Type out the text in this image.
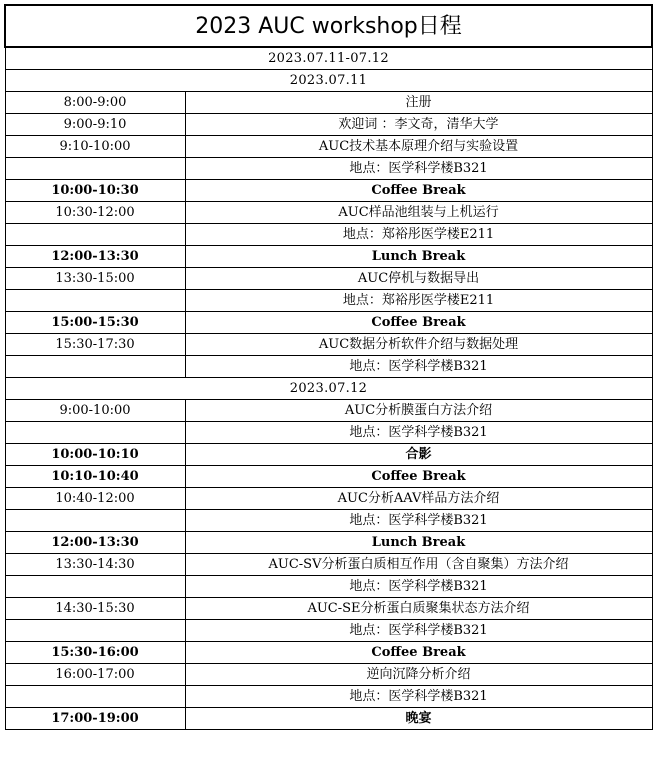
2023 AUC workshop日程	
2023.07.11-07.12	
2023.07.11	
8:00-9:00	注册
9:00-9:10	欢迎词 ：李文奇，清华大学
9:10-10:00	AUC技术基本原理介绍与实验设置
	地点：医学科学楼B321
10:00-10:30	Coffee Break
10:30-12:00	AUC样品池组装与上机运行
	地点：郑裕彤医学楼E211
12:00-13:30	Lunch Break
13:30-15:00	AUC停机与数据导出
	地点：郑裕彤医学楼E211
15:00-15:30	Coffee Break
15:30-17:30	AUC数据分析软件介绍与数据处理
	地点：医学科学楼B321
2023.07.12	
9:00-10:00	AUC分析膜蛋白方法介绍
	地点：医学科学楼B321
10:00-10:10	合影
10:10-10:40	Coffee Break
10:40-12:00	AUC分析AAV样品方法介绍
	地点：医学科学楼B321
12:00-13:30	Lunch Break
13:30-14:30	AUC-SV分析蛋白质相互作用（含自聚集）方法介绍
	地点：医学科学楼B321
14:30-15:30	AUC-SE分析蛋白质聚集状态方法介绍
	地点：医学科学楼B321
15:30-16:00	Coffee Break
16:00-17:00	逆向沉降分析介绍
	地点：医学科学楼B321
17:00-19:00	晚宴
